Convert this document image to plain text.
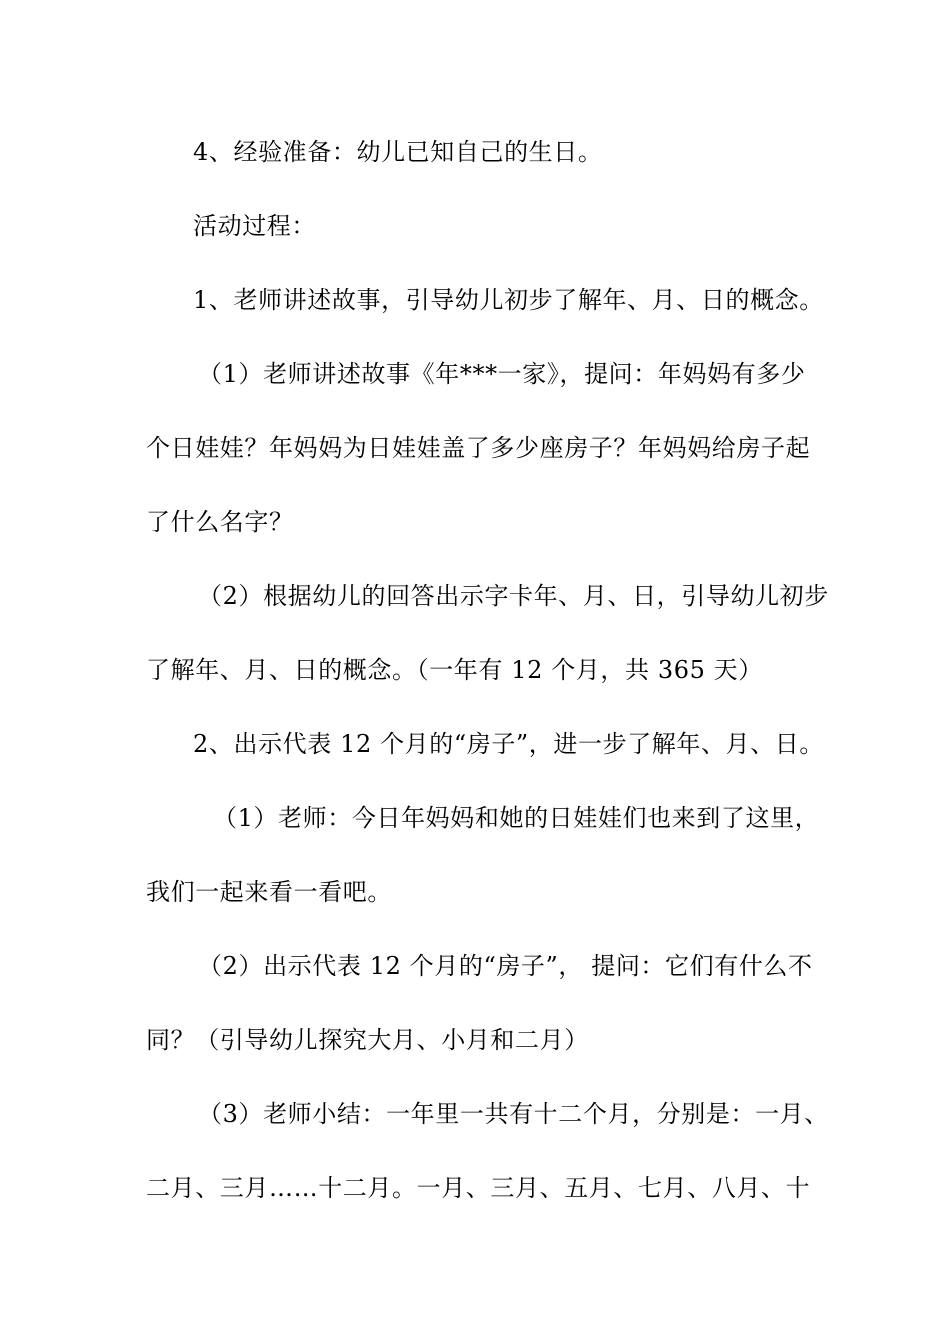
4、经验准备：幼儿已知自己的生日。
活动过程：
1、老师讲述故事，引导幼儿初步了解年、月、日的概念。
（1）老师讲述故事《年***一家》，提问：年妈妈有多少
个日娃娃？年妈妈为日娃娃盖了多少座房子？年妈妈给房子起
了什么名字？
（2）根据幼儿的回答出示字卡年、月、日，引导幼儿初步
了解年、月、日的概念。（一年有 12 个月，共 365 天）
2、出示代表 12 个月的“房子”，进一步了解年、月、日。
（1）老师：今日年妈妈和她的日娃娃们也来到了这里，
我们一起来看一看吧。
（2）出示代表 12 个月的“房子”， 提问：它们有什么不
同？（引导幼儿探究大月、小月和二月）
（3）老师小结：一年里一共有十二个月，分别是：一月、
二月、三月……十二月。一月、三月、五月、七月、八月、十
